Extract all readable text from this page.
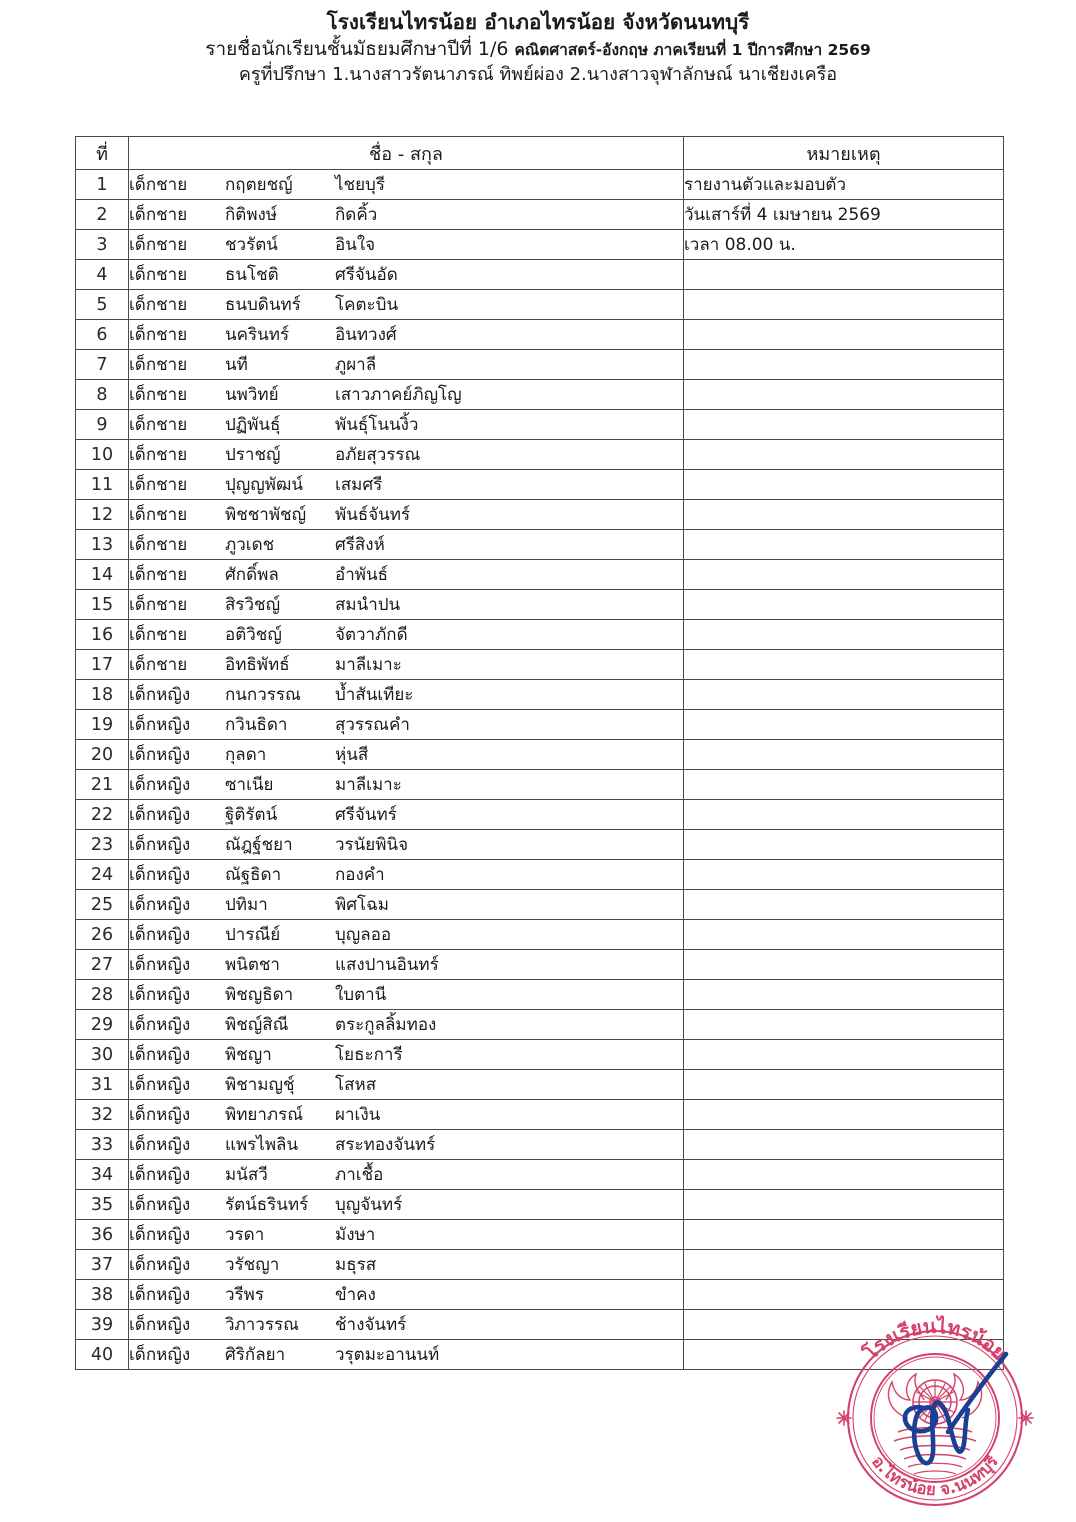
โรงเรียนไทรน้อย อำเภอไทรน้อย จังหวัดนนทบุรี
รายชื่อนักเรียนชั้นมัธยมศึกษาปีที่ 1/6 คณิตศาสตร์-อังกฤษ ภาคเรียนที่ 1 ปีการศึกษา 2569
ครูที่ปรึกษา 1.นางสาวรัตนาภรณ์ ทิพย์ผ่อง 2.นางสาวจุฬาลักษณ์ นาเชียงเครือ
ที่	ชื่อ - สกุล	หมายเหตุ
1	เด็กชาย กฤตยชญ์ ไชยบุรี	รายงานตัวและมอบตัว
2	เด็กชาย กิติพงษ์ กิดคิ้ว	วันเสาร์ที่ 4 เมษายน 2569
3	เด็กชาย ชวรัตน์ อินใจ	เวลา 08.00 น.
4	เด็กชาย ธนโชติ ศรีจันอัด	

5	เด็กชาย ธนบดินทร์ โคตะบิน	

6	เด็กชาย นครินทร์ อินทวงศ์	

7	เด็กชาย นที ภูผาลี	

8	เด็กชาย นพวิทย์ เสาวภาคย์ภิญโญ	

9	เด็กชาย ปฏิพันธุ์ พันธุ์โนนงิ้ว	

10	เด็กชาย ปราชญ์ อภัยสุวรรณ	

11	เด็กชาย ปุญญพัฒน์ เสมศรี	

12	เด็กชาย พิชชาพัชญ์ พันธ์จันทร์	

13	เด็กชาย ภูวเดช ศรีสิงห์	

14	เด็กชาย ศักดิ์พล อำพันธ์	

15	เด็กชาย สิรวิชญ์ สมนำปน	

16	เด็กชาย อติวิชญ์ จัตวาภักดี	

17	เด็กชาย อิทธิพัทธ์ มาลีเมาะ	

18	เด็กหญิง กนกวรรณ บ้ำสันเทียะ	

19	เด็กหญิง กวินธิดา สุวรรณคำ	

20	เด็กหญิง กุลดา หุ่นสี	

21	เด็กหญิง ซาเนีย มาลีเมาะ	

22	เด็กหญิง ฐิติรัตน์ ศรีจันทร์	

23	เด็กหญิง ณัฎฐ์ชยา วรนัยพินิจ	

24	เด็กหญิง ณัฐธิดา กองคำ	

25	เด็กหญิง ปทิมา พิศโฉม	

26	เด็กหญิง ปารณีย์ บุญลออ	

27	เด็กหญิง พนิตชา แสงปานอินทร์	

28	เด็กหญิง พิชญธิดา ใบตานี	

29	เด็กหญิง พิชญ์สิณี ตระกูลลิ้มทอง	

30	เด็กหญิง พิชญา โยธะการี	

31	เด็กหญิง พิชามญชุ์ โสหส	

32	เด็กหญิง พิทยาภรณ์ ผาเงิน	

33	เด็กหญิง แพรไพลิน สระทองจันทร์	

34	เด็กหญิง มนัสวี ภาเชื้อ	

35	เด็กหญิง รัตน์ธรินทร์ บุญจันทร์	

36	เด็กหญิง วรดา มังษา	

37	เด็กหญิง วรัชญา มธุรส	

38	เด็กหญิง วรีพร ขำคง	

39	เด็กหญิง วิภาวรรณ ช้างจันทร์	

40	เด็กหญิง ศิริกัลยา วรุตมะอานนท์	
		โรงเรียนไทรน้อย
อ.ไทรน้อย จ.นนทบุรี
